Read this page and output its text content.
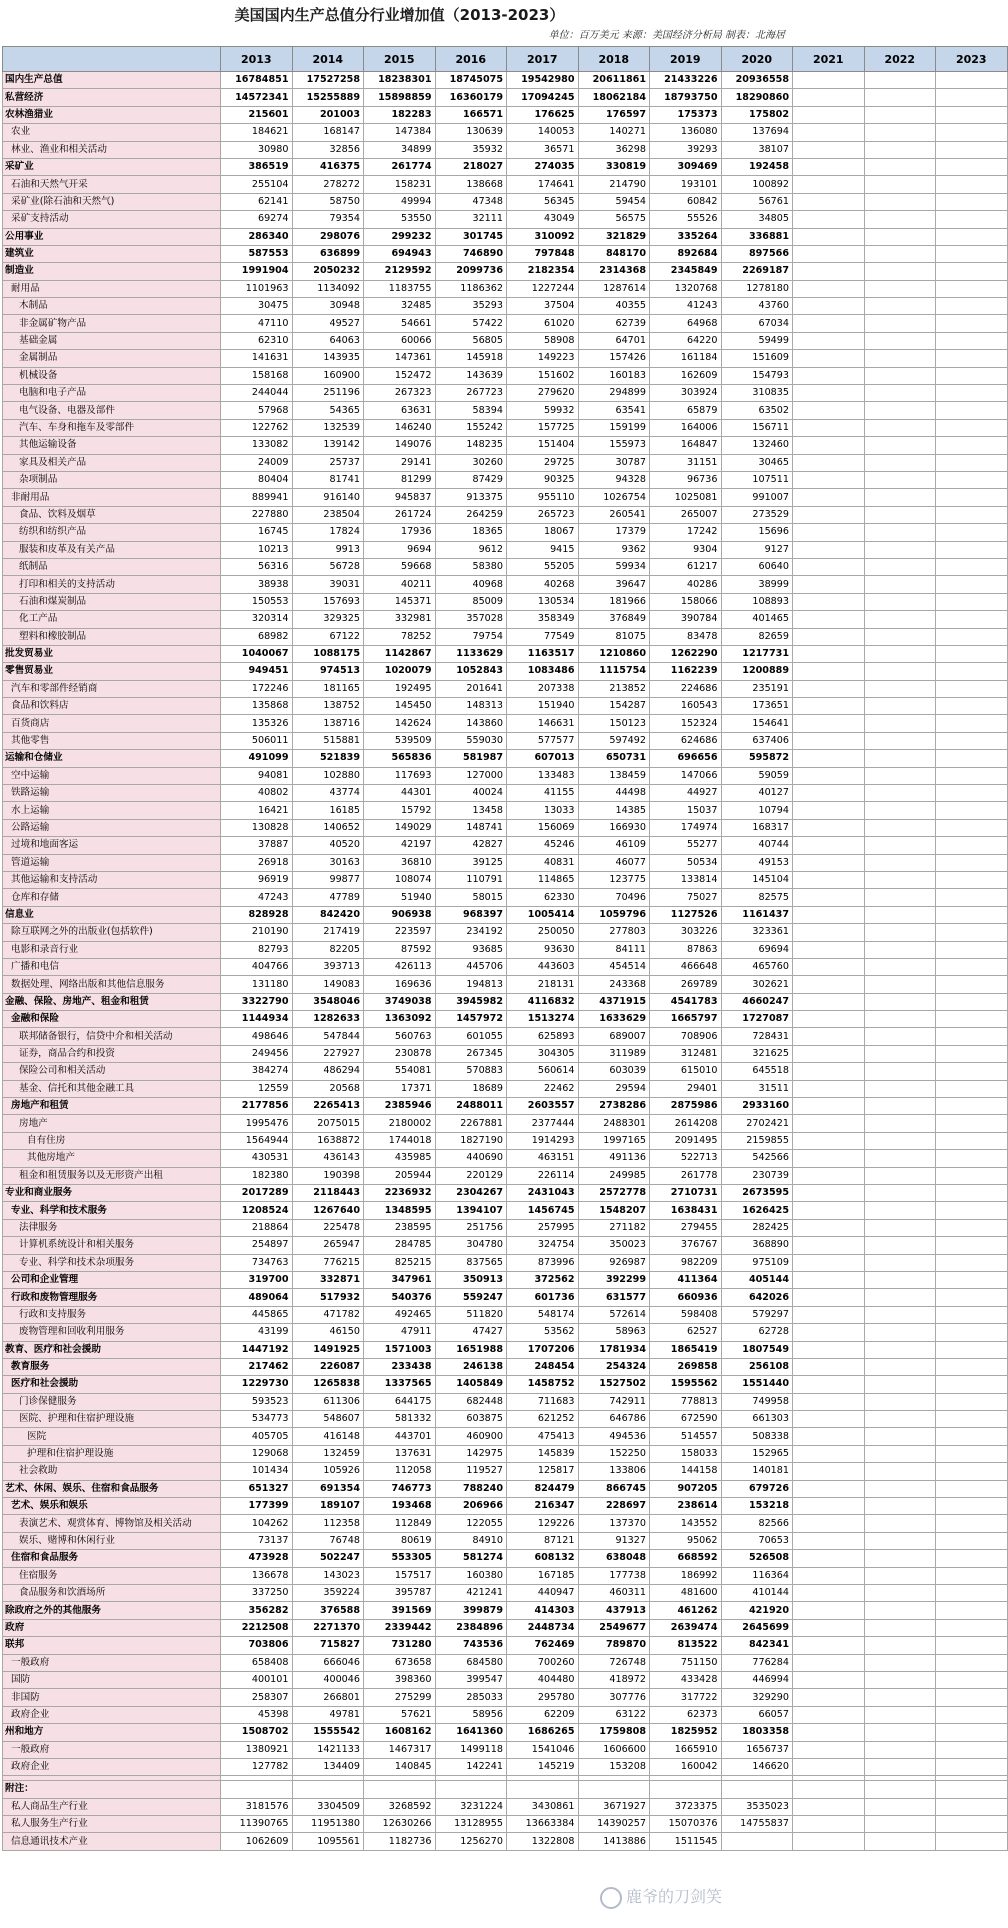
美国国内生产总值分行业增加值（2013-2023）
单位：百万美元 来源：美国经济分析局 制表：北海居
	2013	2014	2015	2016	2017	2018	2019	2020	2021	2022	2023
国内生产总值	16784851	17527258	18238301	18745075	19542980	20611861	21433226	20936558			
私营经济	14572341	15255889	15898859	16360179	17094245	18062184	18793750	18290860			
农林渔猎业	215601	201003	182283	166571	176625	176597	175373	175802			
农业	184621	168147	147384	130639	140053	140271	136080	137694			
林业、渔业和相关活动	30980	32856	34899	35932	36571	36298	39293	38107			
采矿业	386519	416375	261774	218027	274035	330819	309469	192458			
石油和天然气开采	255104	278272	158231	138668	174641	214790	193101	100892			
采矿业(除石油和天然气)	62141	58750	49994	47348	56345	59454	60842	56761			
采矿支持活动	69274	79354	53550	32111	43049	56575	55526	34805			
公用事业	286340	298076	299232	301745	310092	321829	335264	336881			
建筑业	587553	636899	694943	746890	797848	848170	892684	897566			
制造业	1991904	2050232	2129592	2099736	2182354	2314368	2345849	2269187			
耐用品	1101963	1134092	1183755	1186362	1227244	1287614	1320768	1278180			
木制品	30475	30948	32485	35293	37504	40355	41243	43760			
非金属矿物产品	47110	49527	54661	57422	61020	62739	64968	67034			
基础金属	62310	64063	60066	56805	58908	64701	64220	59499			
金属制品	141631	143935	147361	145918	149223	157426	161184	151609			
机械设备	158168	160900	152472	143639	151602	160183	162609	154793			
电脑和电子产品	244044	251196	267323	267723	279620	294899	303924	310835			
电气设备、电器及部件	57968	54365	63631	58394	59932	63541	65879	63502			
汽车、车身和拖车及零部件	122762	132539	146240	155242	157725	159199	164006	156711			
其他运输设备	133082	139142	149076	148235	151404	155973	164847	132460			
家具及相关产品	24009	25737	29141	30260	29725	30787	31151	30465			
杂项制品	80404	81741	81299	87429	90325	94328	96736	107511			
非耐用品	889941	916140	945837	913375	955110	1026754	1025081	991007			
食品、饮料及烟草	227880	238504	261724	264259	265723	260541	265007	273529			
纺织和纺织产品	16745	17824	17936	18365	18067	17379	17242	15696			
服装和皮革及有关产品	10213	9913	9694	9612	9415	9362	9304	9127			
纸制品	56316	56728	59668	58380	55205	59934	61217	60640			
打印和相关的支持活动	38938	39031	40211	40968	40268	39647	40286	38999			
石油和煤炭制品	150553	157693	145371	85009	130534	181966	158066	108893			
化工产品	320314	329325	332981	357028	358349	376849	390784	401465			
塑料和橡胶制品	68982	67122	78252	79754	77549	81075	83478	82659			
批发贸易业	1040067	1088175	1142867	1133629	1163517	1210860	1262290	1217731			
零售贸易业	949451	974513	1020079	1052843	1083486	1115754	1162239	1200889			
汽车和零部件经销商	172246	181165	192495	201641	207338	213852	224686	235191			
食品和饮料店	135868	138752	145450	148313	151940	154287	160543	173651			
百货商店	135326	138716	142624	143860	146631	150123	152324	154641			
其他零售	506011	515881	539509	559030	577577	597492	624686	637406			
运输和仓储业	491099	521839	565836	581987	607013	650731	696656	595872			
空中运输	94081	102880	117693	127000	133483	138459	147066	59059			
铁路运输	40802	43774	44301	40024	41155	44498	44927	40127			
水上运输	16421	16185	15792	13458	13033	14385	15037	10794			
公路运输	130828	140652	149029	148741	156069	166930	174974	168317			
过境和地面客运	37887	40520	42197	42827	45246	46109	55277	40744			
管道运输	26918	30163	36810	39125	40831	46077	50534	49153			
其他运输和支持活动	96919	99877	108074	110791	114865	123775	133814	145104			
仓库和存储	47243	47789	51940	58015	62330	70496	75027	82575			
信息业	828928	842420	906938	968397	1005414	1059796	1127526	1161437			
除互联网之外的出版业(包括软件)	210190	217419	223597	234192	250050	277803	303226	323361			
电影和录音行业	82793	82205	87592	93685	93630	84111	87863	69694			
广播和电信	404766	393713	426113	445706	443603	454514	466648	465760			
数据处理、网络出版和其他信息服务	131180	149083	169636	194813	218131	243368	269789	302621			
金融、保险、房地产、租金和租赁	3322790	3548046	3749038	3945982	4116832	4371915	4541783	4660247			
金融和保险	1144934	1282633	1363092	1457972	1513274	1633629	1665797	1727087			
联邦储备银行，信贷中介和相关活动	498646	547844	560763	601055	625893	689007	708906	728431			
证券，商品合约和投资	249456	227927	230878	267345	304305	311989	312481	321625			
保险公司和相关活动	384274	486294	554081	570883	560614	603039	615010	645518			
基金、信托和其他金融工具	12559	20568	17371	18689	22462	29594	29401	31511			
房地产和租赁	2177856	2265413	2385946	2488011	2603557	2738286	2875986	2933160			
房地产	1995476	2075015	2180002	2267881	2377444	2488301	2614208	2702421			
自有住房	1564944	1638872	1744018	1827190	1914293	1997165	2091495	2159855			
其他房地产	430531	436143	435985	440690	463151	491136	522713	542566			
租金和租赁服务以及无形资产出租	182380	190398	205944	220129	226114	249985	261778	230739			
专业和商业服务	2017289	2118443	2236932	2304267	2431043	2572778	2710731	2673595			
专业、科学和技术服务	1208524	1267640	1348595	1394107	1456745	1548207	1638431	1626425			
法律服务	218864	225478	238595	251756	257995	271182	279455	282425			
计算机系统设计和相关服务	254897	265947	284785	304780	324754	350023	376767	368890			
专业、科学和技术杂项服务	734763	776215	825215	837565	873996	926987	982209	975109			
公司和企业管理	319700	332871	347961	350913	372562	392299	411364	405144			
行政和废物管理服务	489064	517932	540376	559247	601736	631577	660936	642026			
行政和支持服务	445865	471782	492465	511820	548174	572614	598408	579297			
废物管理和回收利用服务	43199	46150	47911	47427	53562	58963	62527	62728			
教育、医疗和社会援助	1447192	1491925	1571003	1651988	1707206	1781934	1865419	1807549			
教育服务	217462	226087	233438	246138	248454	254324	269858	256108			
医疗和社会援助	1229730	1265838	1337565	1405849	1458752	1527502	1595562	1551440			
门诊保健服务	593523	611306	644175	682448	711683	742911	778813	749958			
医院、护理和住宿护理设施	534773	548607	581332	603875	621252	646786	672590	661303			
医院	405705	416148	443701	460900	475413	494536	514557	508338			
护理和住宿护理设施	129068	132459	137631	142975	145839	152250	158033	152965			
社会救助	101434	105926	112058	119527	125817	133806	144158	140181			
艺术、休闲、娱乐、住宿和食品服务	651327	691354	746773	788240	824479	866745	907205	679726			
艺术、娱乐和娱乐	177399	189107	193468	206966	216347	228697	238614	153218			
表演艺术、观赏体育、博物馆及相关活动	104262	112358	112849	122055	129226	137370	143552	82566			
娱乐、赌博和休闲行业	73137	76748	80619	84910	87121	91327	95062	70653			
住宿和食品服务	473928	502247	553305	581274	608132	638048	668592	526508			
住宿服务	136678	143023	157517	160380	167185	177738	186992	116364			
食品服务和饮酒场所	337250	359224	395787	421241	440947	460311	481600	410144			
除政府之外的其他服务	356282	376588	391569	399879	414303	437913	461262	421920			
政府	2212508	2271370	2339442	2384896	2448734	2549677	2639474	2645699			
联邦	703806	715827	731280	743536	762469	789870	813522	842341			
一般政府	658408	666046	673658	684580	700260	726748	751150	776284			
国防	400101	400046	398360	399547	404480	418972	433428	446994			
非国防	258307	266801	275299	285033	295780	307776	317722	329290			
政府企业	45398	49781	57621	58956	62209	63122	62373	66057			
州和地方	1508702	1555542	1608162	1641360	1686265	1759808	1825952	1803358			
一般政府	1380921	1421133	1467317	1499118	1541046	1606600	1665910	1656737			
政府企业	127782	134409	140845	142241	145219	153208	160042	146620			

附注：											
私人商品生产行业	3181576	3304509	3268592	3231224	3430861	3671927	3723375	3535023			
私人服务生产行业	11390765	11951380	12630266	13128955	13663384	14390257	15070376	14755837			
信息通讯技术产业	1062609	1095561	1182736	1256270	1322808	1413886	1511545				
鹿爷的刀剑笑
